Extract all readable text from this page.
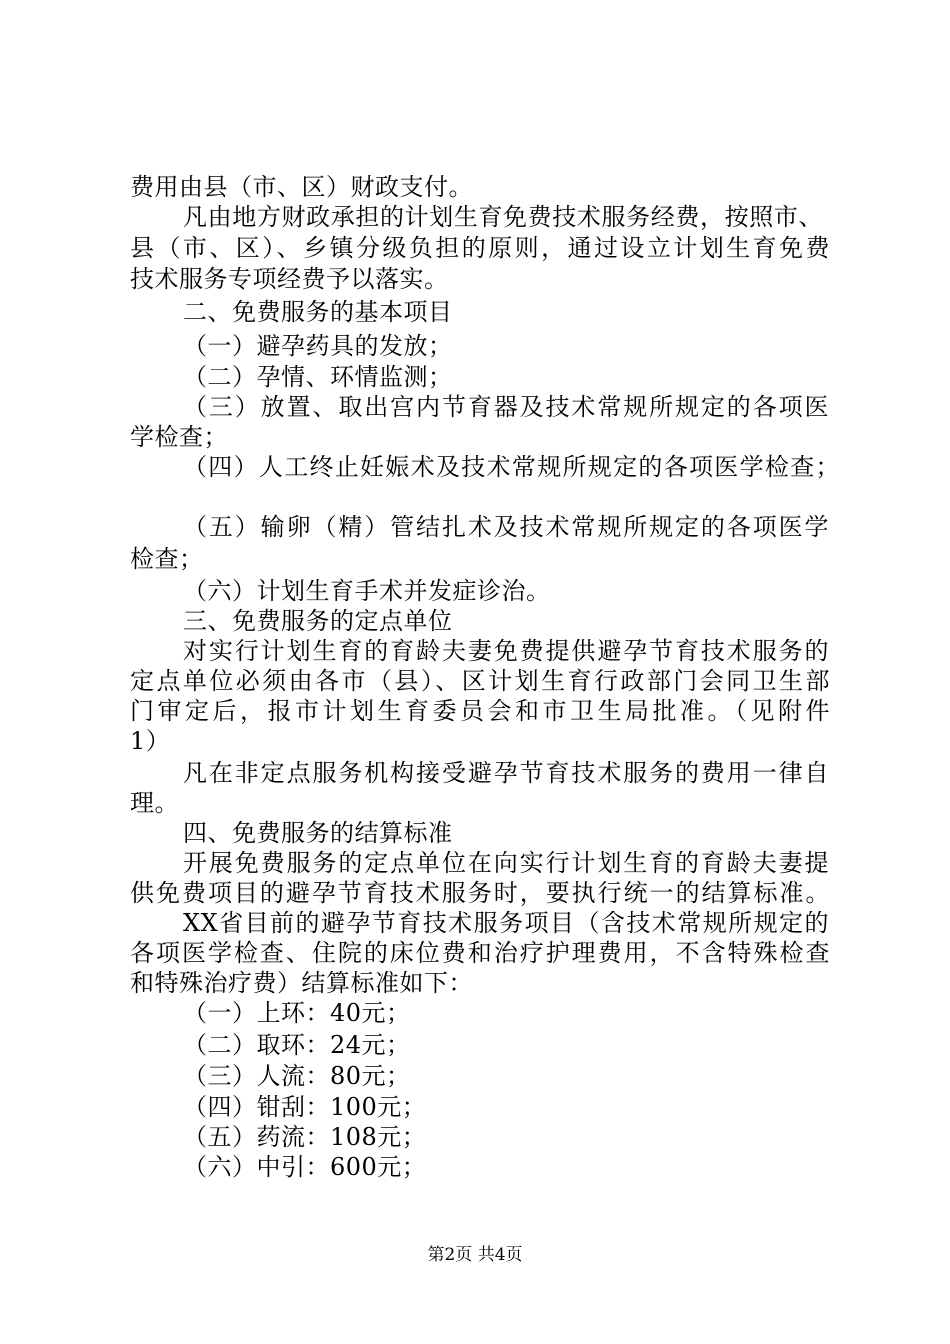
费用由县（市、区）财政支付。
凡由地方财政承担的计划生育免费技术服务经费，按照市、
县（市、区）、乡镇分级负担的原则，通过设立计划生育免费
技术服务专项经费予以落实。
二、免费服务的基本项目
（一）避孕药具的发放；
（二）孕情、环情监测；
（三）放置、取出宫内节育器及技术常规所规定的各项医
学检查；
（四）人工终止妊娠术及技术常规所规定的各项医学检查；
（五）输卵（精）管结扎术及技术常规所规定的各项医学
检查；
（六）计划生育手术并发症诊治。
三、免费服务的定点单位
对实行计划生育的育龄夫妻免费提供避孕节育技术服务的
定点单位必须由各市（县）、区计划生育行政部门会同卫生部
门审定后，报市计划生育委员会和市卫生局批准。（见附件
1）
凡在非定点服务机构接受避孕节育技术服务的费用一律自
理。
四、免费服务的结算标准
开展免费服务的定点单位在向实行计划生育的育龄夫妻提
供免费项目的避孕节育技术服务时，要执行统一的结算标准。
XX省目前的避孕节育技术服务项目（含技术常规所规定的
各项医学检查、住院的床位费和治疗护理费用，不含特殊检查
和特殊治疗费）结算标准如下：
（一）上环：40元；
（二）取环：24元；
（三）人流：80元；
（四）钳刮：100元；
（五）药流：108元；
（六）中引：600元；
第2页 共4页
